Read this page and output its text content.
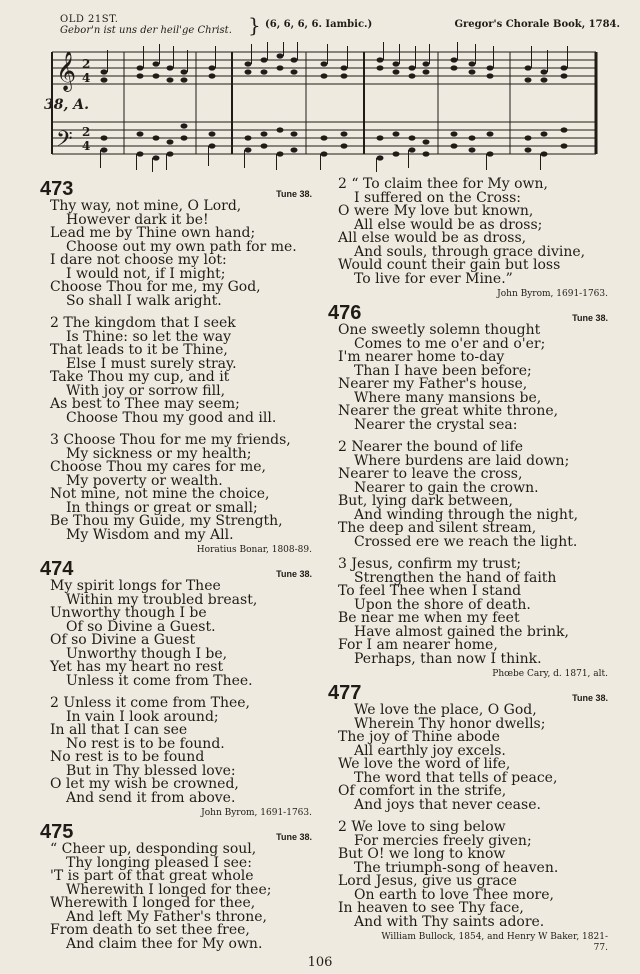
OLD 21ST.
Gebor'n ist uns der heil'ge Christ. } (6, 6, 6, 6. Iambic.)	Gregor's Chorale Book, 1784.
𝄞
𝄢
2
4
2
4
38, A.
473	Tune 38.
Thy way, not mine, O Lord,
However dark it be!
Lead me by Thine own hand;
Choose out my own path for me.
I dare not choose my lot:
I would not, if I might;
Choose Thou for me, my God,
So shall I walk aright.
2 The kingdom that I seek
Is Thine: so let the way
That leads to it be Thine,
Else I must surely stray.
Take Thou my cup, and it
With joy or sorrow fill,
As best to Thee may seem;
Choose Thou my good and ill.
3 Choose Thou for me my friends,
My sickness or my health;
Choose Thou my cares for me,
My poverty or wealth.
Not mine, not mine the choice,
In things or great or small;
Be Thou my Guide, my Strength,
My Wisdom and my All.
Horatius Bonar, 1808-89.
474	Tune 38.
My spirit longs for Thee
Within my troubled breast,
Unworthy though I be
Of so Divine a Guest.
Of so Divine a Guest
Unworthy though I be,
Yet has my heart no rest
Unless it come from Thee.
2 Unless it come from Thee,
In vain I look around;
In all that I can see
No rest is to be found.
No rest is to be found
But in Thy blessed love:
O let my wish be crowned,
And send it from above.
John Byrom, 1691-1763.
475	Tune 38.
“ Cheer up, desponding soul,
Thy longing pleased I see:
'T is part of that great whole
Wherewith I longed for thee;
Wherewith I longed for thee,
And left My Father's throne,
From death to set thee free,
And claim thee for My own.
2 “ To claim thee for My own,
I suffered on the Cross:
O were My love but known,
All else would be as dross;
All else would be as dross,
And souls, through grace divine,
Would count their gain but loss
To live for ever Mine.”
John Byrom, 1691-1763.
476	Tune 38.
One sweetly solemn thought
Comes to me o'er and o'er;
I'm nearer home to-day
Than I have been before;
Nearer my Father's house,
Where many mansions be,
Nearer the great white throne,
Nearer the crystal sea:
2 Nearer the bound of life
Where burdens are laid down;
Nearer to leave the cross,
Nearer to gain the crown.
But, lying dark between,
And winding through the night,
The deep and silent stream,
Crossed ere we reach the light.
3 Jesus, confirm my trust;
Strengthen the hand of faith
To feel Thee when I stand
Upon the shore of death.
Be near me when my feet
Have almost gained the brink,
For I am nearer home,
Perhaps, than now I think.
Phœbe Cary, d. 1871, alt.
477	Tune 38.
We love the place, O God,
Wherein Thy honor dwells;
The joy of Thine abode
All earthly joy excels.
We love the word of life,
The word that tells of peace,
Of comfort in the strife,
And joys that never cease.
2 We love to sing below
For mercies freely given;
But O! we long to know
The triumph-song of heaven.
Lord Jesus, give us grace
On earth to love Thee more,
In heaven to see Thy face,
And with Thy saints adore.
William Bullock, 1854, and Henry W Baker, 1821-77.
106
